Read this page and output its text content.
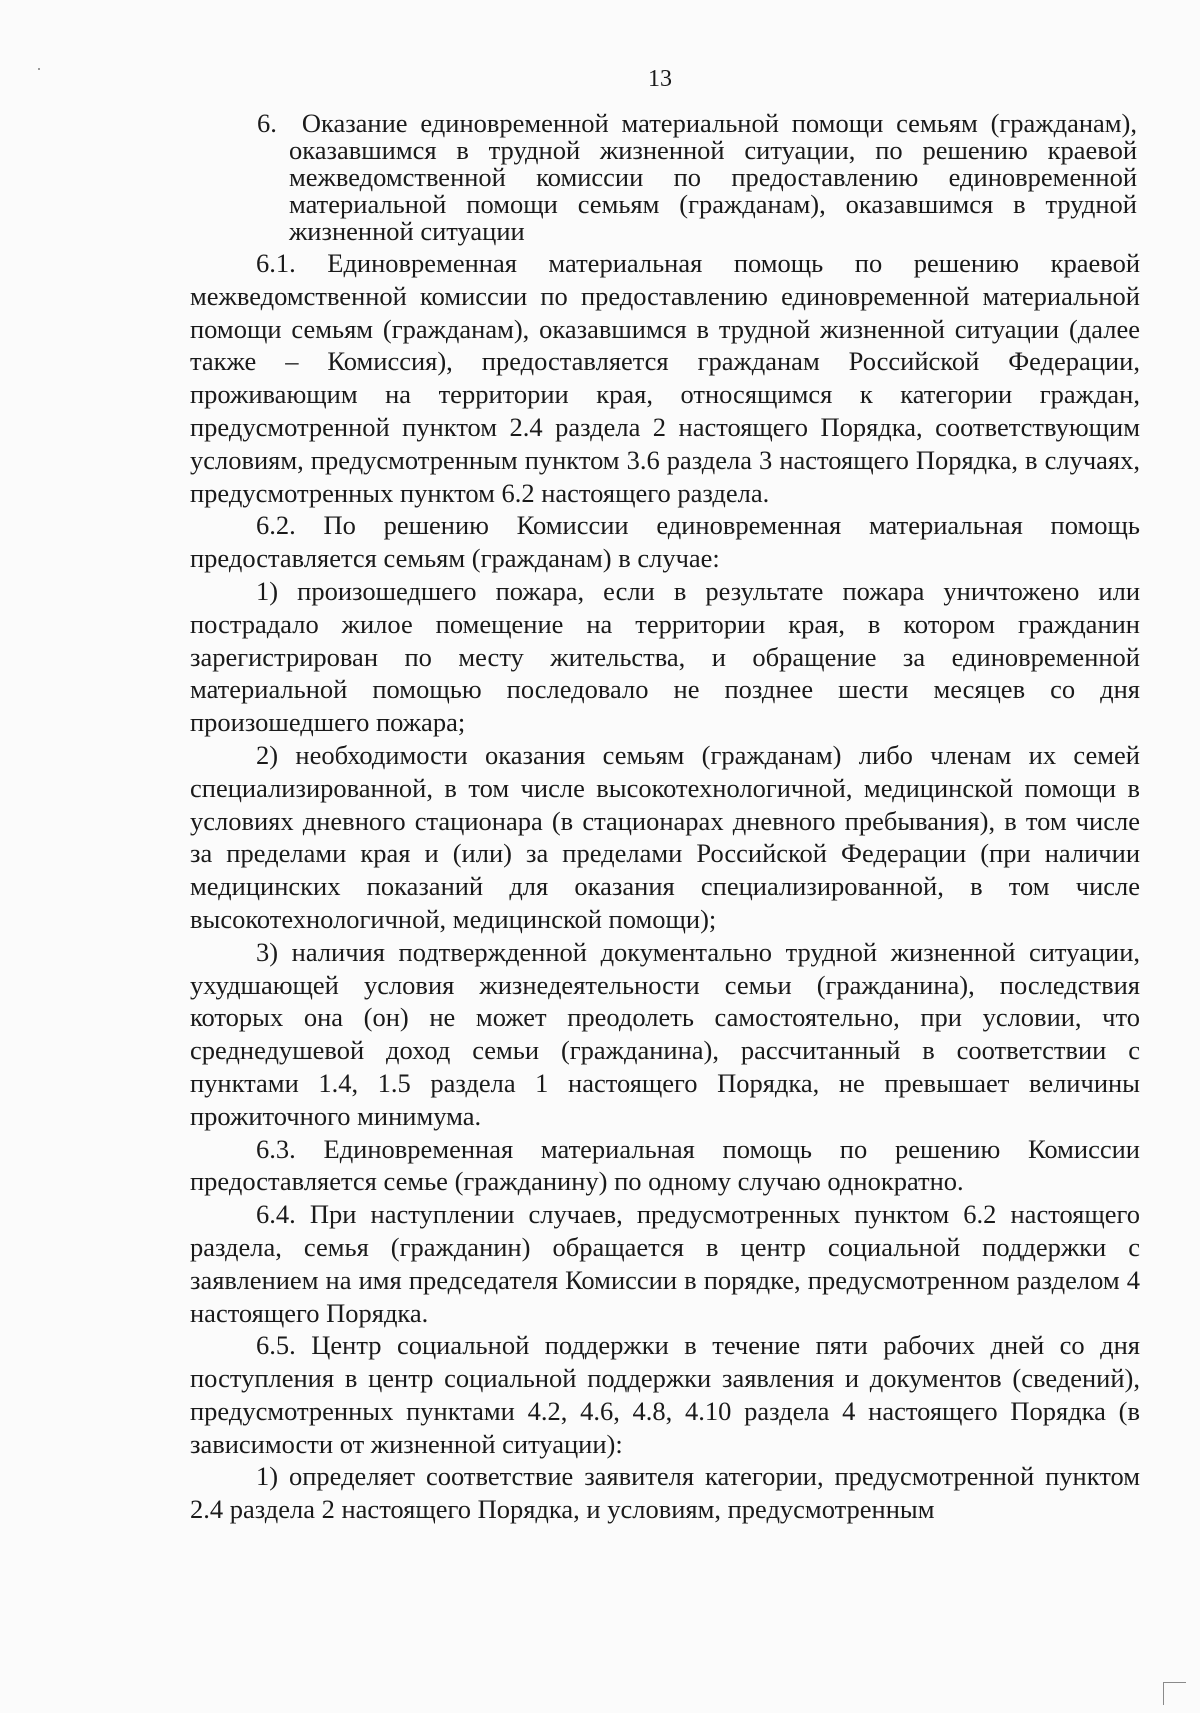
13
6. Оказание единовременной материальной помощи семьям (гражданам), оказавшимся в трудной жизненной ситуации, по решению краевой межведомственной комиссии по предоставлению единовременной материальной помощи семьям (гражданам), оказавшимся в трудной жизненной ситуации

6.1. Единовременная материальная помощь по решению краевой межведомственной комиссии по предоставлению единовременной материальной помощи семьям (гражданам), оказавшимся в трудной жизненной ситуации (далее также – Комиссия), предоставляется гражданам Российской Федерации, проживающим на территории края, относящимся к категории граждан, предусмотренной пунктом 2.4 раздела 2 настоящего Порядка, соответствующим условиям, предусмотренным пунктом 3.6 раздела 3 настоящего Порядка, в случаях, предусмотренных пунктом 6.2 настоящего раздела.

6.2. По решению Комиссии единовременная материальная помощь предоставляется семьям (гражданам) в случае:

1) произошедшего пожара, если в результате пожара уничтожено или пострадало жилое помещение на территории края, в котором гражданин зарегистрирован по месту жительства, и обращение за единовременной материальной помощью последовало не позднее шести месяцев со дня произошедшего пожара;

2) необходимости оказания семьям (гражданам) либо членам их семей специализированной, в том числе высокотехнологичной, медицинской помощи в условиях дневного стационара (в стационарах дневного пребывания), в том числе за пределами края и (или) за пределами Российской Федерации (при наличии медицинских показаний для оказания специализированной, в том числе высокотехнологичной, медицинской помощи);

3) наличия подтвержденной документально трудной жизненной ситуации, ухудшающей условия жизнедеятельности семьи (гражданина), последствия которых она (он) не может преодолеть самостоятельно, при условии, что среднедушевой доход семьи (гражданина), рассчитанный в соответствии с пунктами 1.4, 1.5 раздела 1 настоящего Порядка, не превышает величины прожиточного минимума.

6.3. Единовременная материальная помощь по решению Комиссии предоставляется семье (гражданину) по одному случаю однократно.

6.4. При наступлении случаев, предусмотренных пунктом 6.2 настоящего раздела, семья (гражданин) обращается в центр социальной поддержки с заявлением на имя председателя Комиссии в порядке, предусмотренном разделом 4 настоящего Порядка.

6.5. Центр социальной поддержки в течение пяти рабочих дней со дня поступления в центр социальной поддержки заявления и документов (сведений), предусмотренных пунктами 4.2, 4.6, 4.8, 4.10 раздела 4 настоящего Порядка (в зависимости от жизненной ситуации):

1) определяет соответствие заявителя категории, предусмотренной пунктом 2.4 раздела 2 настоящего Порядка, и условиям, предусмотренным
